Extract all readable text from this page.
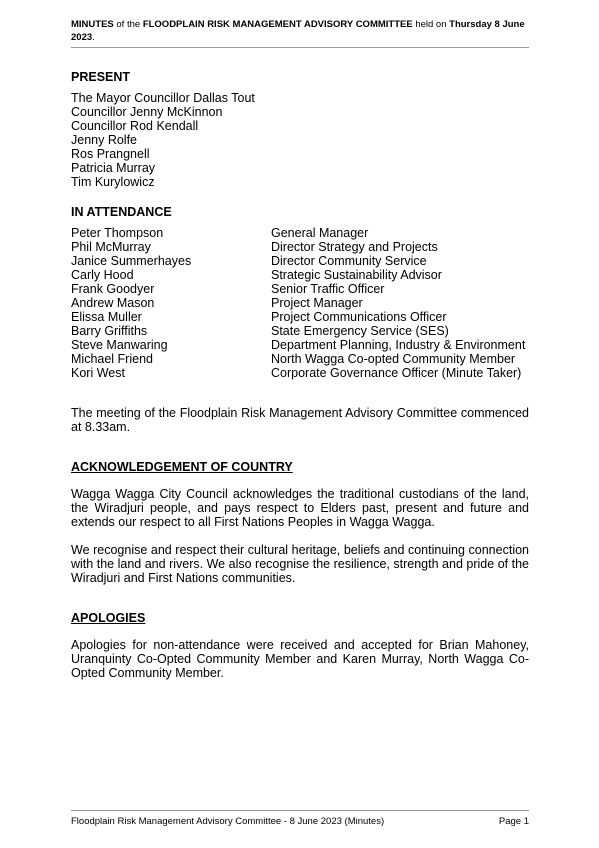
MINUTES of the FLOODPLAIN RISK MANAGEMENT ADVISORY COMMITTEE held on Thursday 8 June 2023.
PRESENT
The Mayor Councillor Dallas Tout
Councillor Jenny McKinnon
Councillor Rod Kendall
Jenny Rolfe
Ros Prangnell
Patricia Murray
Tim Kurylowicz
IN ATTENDANCE
Peter Thompson	General Manager
Phil McMurray	Director Strategy and Projects
Janice Summerhayes	Director Community Service
Carly Hood	Strategic Sustainability Advisor
Frank Goodyer	Senior Traffic Officer
Andrew Mason	Project Manager
Elissa Muller	Project Communications Officer
Barry Griffiths	State Emergency Service (SES)
Steve Manwaring	Department Planning, Industry & Environment
Michael Friend	North Wagga Co-opted Community Member
Kori West	Corporate Governance Officer (Minute Taker)

The meeting of the Floodplain Risk Management Advisory Committee commenced at 8.33am.

ACKNOWLEDGEMENT OF COUNTRY

Wagga Wagga City Council acknowledges the traditional custodians of the land, the Wiradjuri people, and pays respect to Elders past, present and future and extends our respect to all First Nations Peoples in Wagga Wagga.

We recognise and respect their cultural heritage, beliefs and continuing connection with the land and rivers. We also recognise the resilience, strength and pride of the Wiradjuri and First Nations communities.

APOLOGIES

Apologies for non-attendance were received and accepted for Brian Mahoney, Uranquinty Co-Opted Community Member and Karen Murray, North Wagga Co-Opted Community Member.

Floodplain Risk Management Advisory Committee - 8 June 2023 (Minutes)	Page 1
